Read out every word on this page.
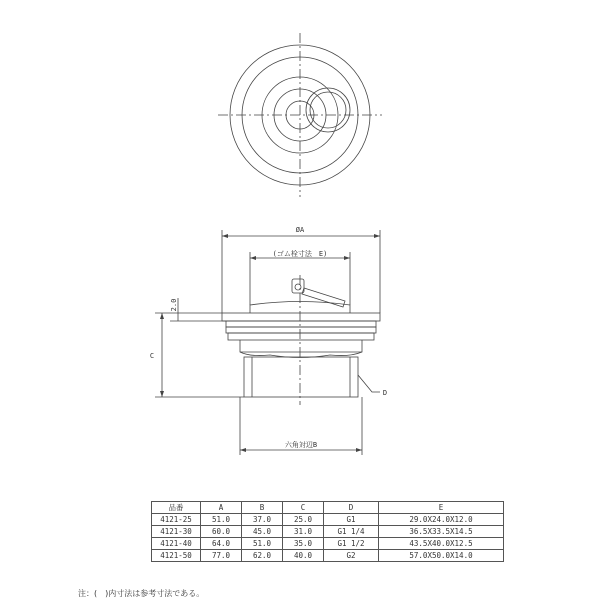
ØA
(ゴム栓寸法　E)
2.0
C
D
六角対辺B
品番	A	B	C	D	E
4121-25	51.0	37.0	25.0	G1	29.0X24.0X12.0
4121-30	60.0	45.0	31.0	G1 1/4	36.5X33.5X14.5
4121-40	64.0	51.0	35.0	G1 1/2	43.5X40.0X12.5
4121-50	77.0	62.0	40.0	G2	57.0X50.0X14.0
注：(　)内寸法は参考寸法である。
